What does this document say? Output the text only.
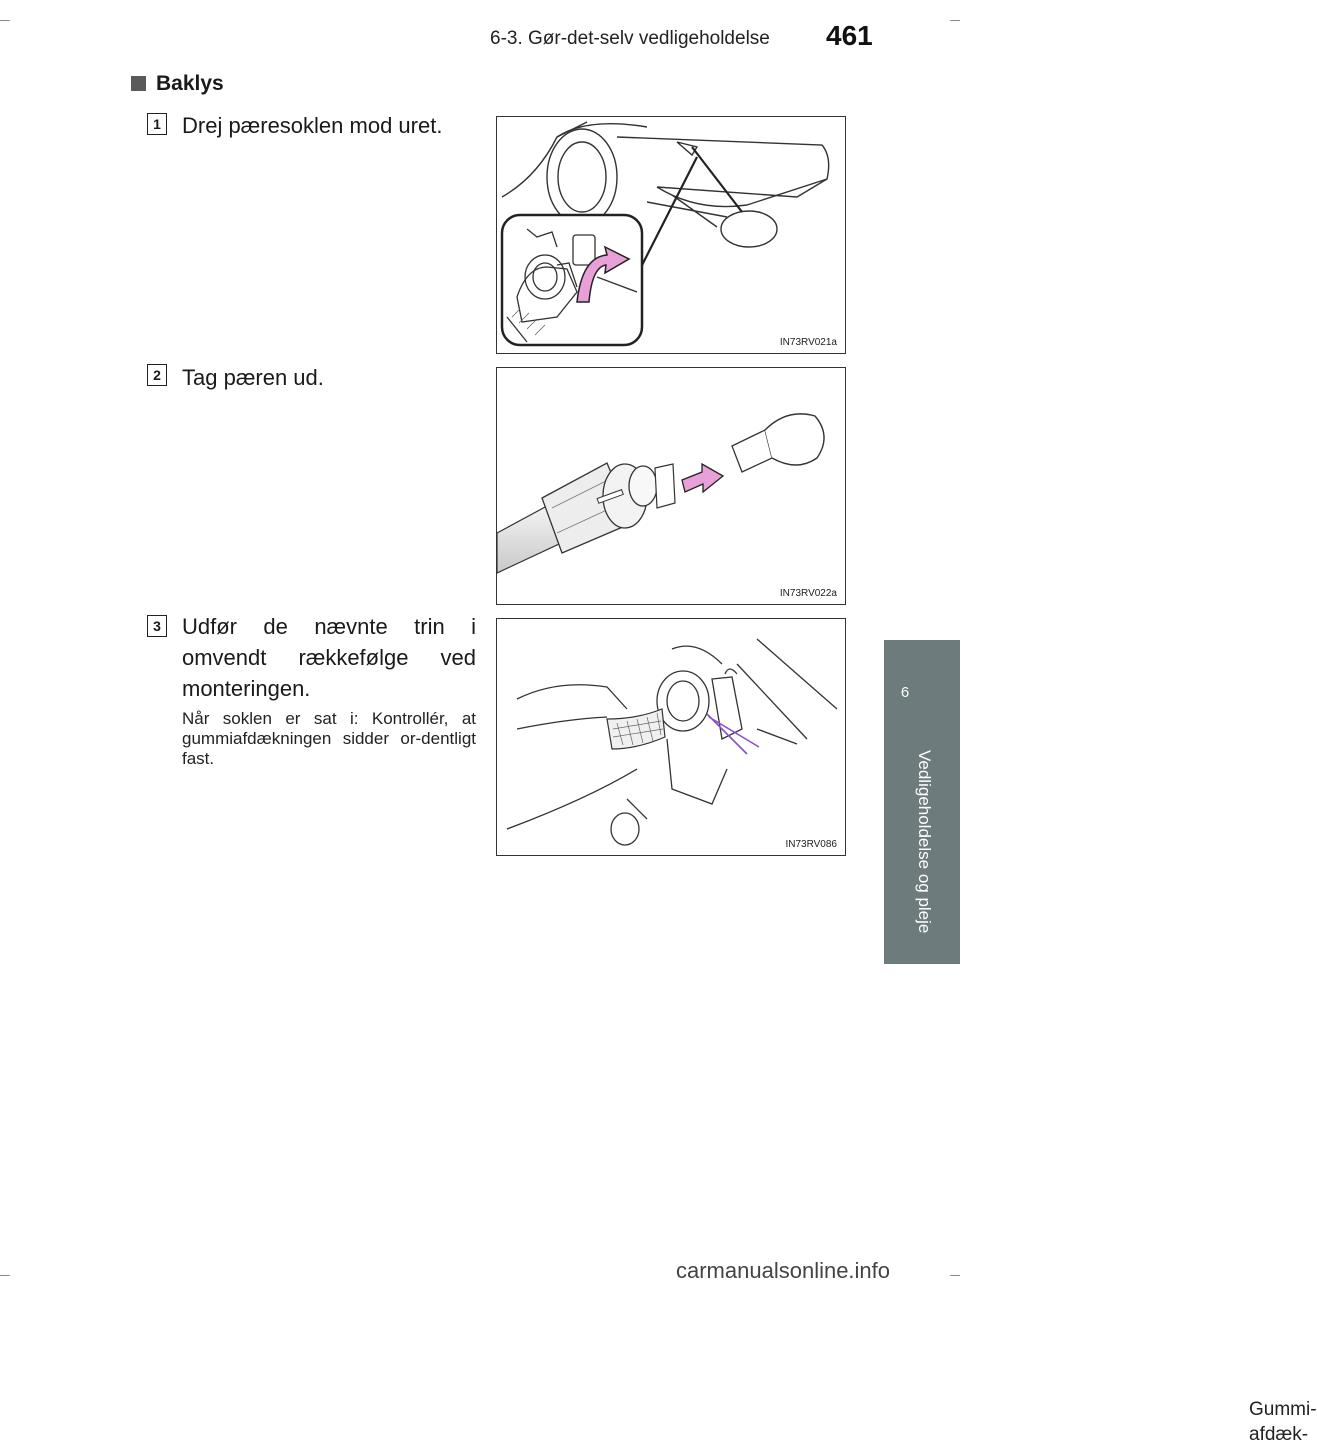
6-3. Gør-det-selv vedligeholdelse 461
6
Vedligeholdelse og pleje
Baklys
1 Drej pæresoklen mod uret.
2 Tag pæren ud.
3 Udfør de nævnte trin i omvendt rækkefølge ved monteringen.
Når soklen er sat i: Kontrollér, at gummiafdækningen sidder or-dentligt fast.
IN73RV021a
IN73RV022a
Gummi-
afdæk-
IN73RV086
carmanualsonline.info
